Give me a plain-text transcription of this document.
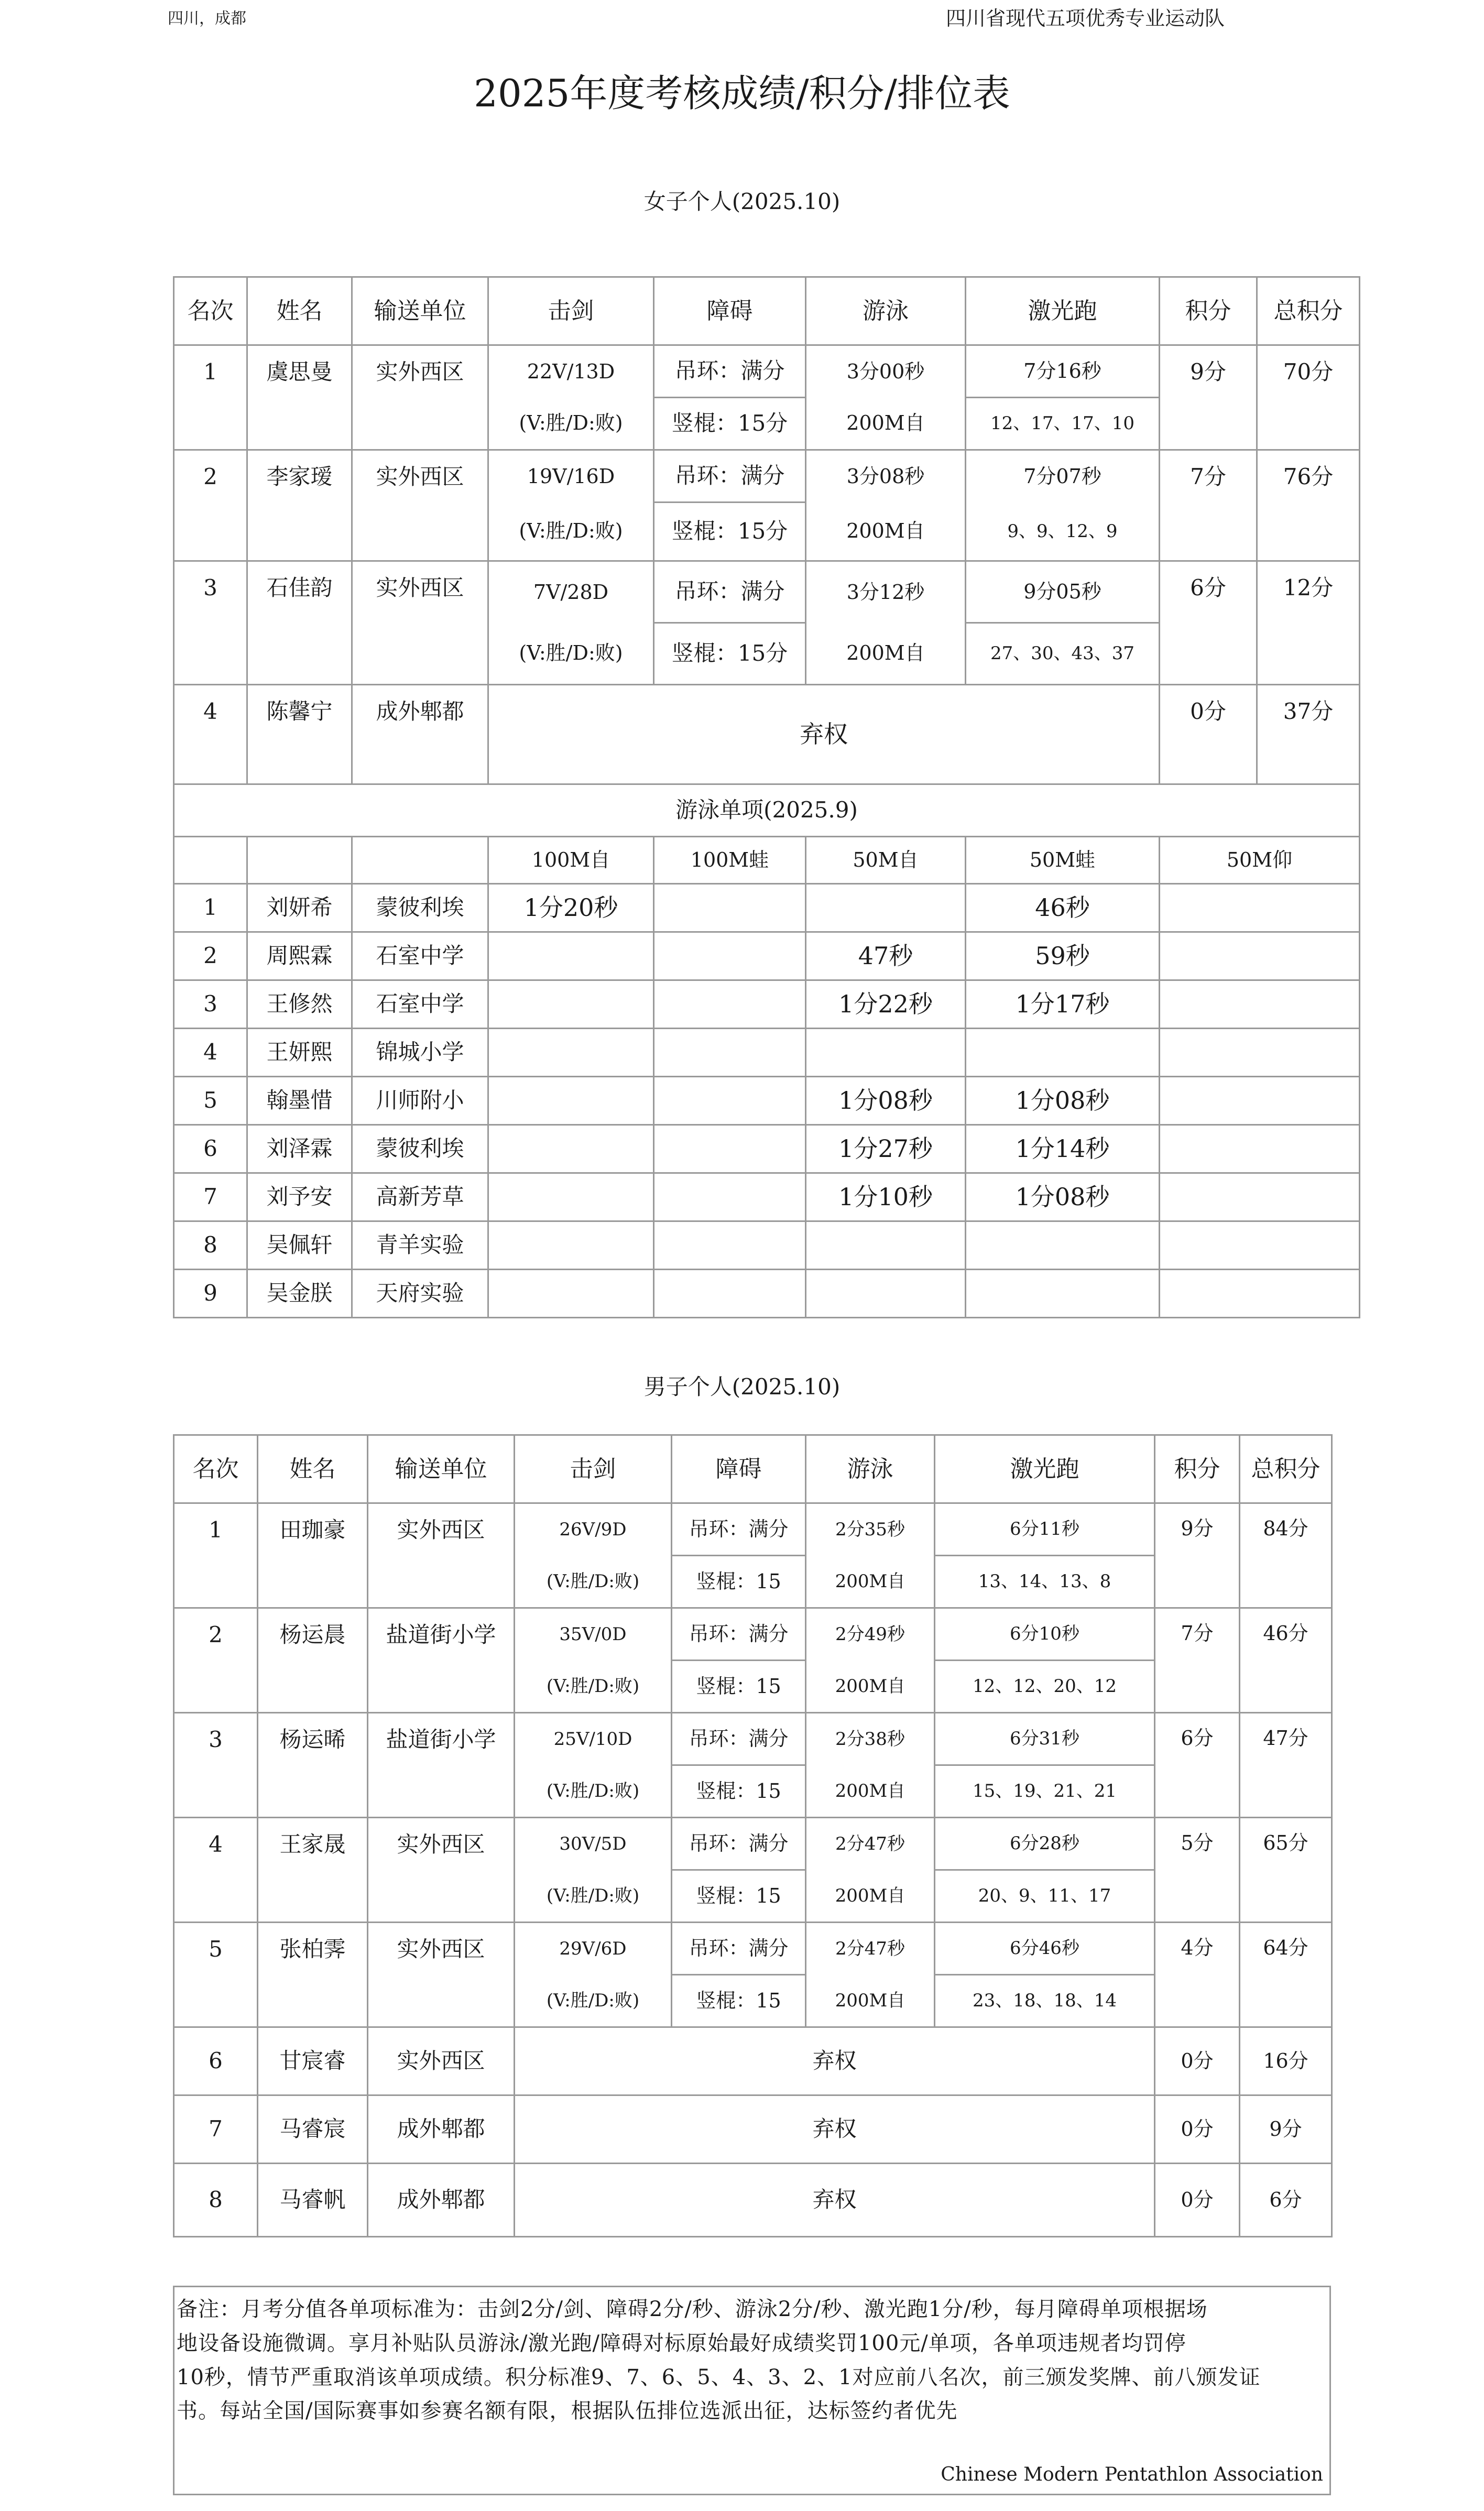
四川，成都	四川省现代五项优秀专业运动队
2025年度考核成绩/积分/排位表
女子个人(2025.10)
名次	姓名	输送单位	击剑	障碍	游泳	激光跑	积分	总积分
1	虞思曼	实外西区	22V/13D	吊环：满分	3分00秒	7分16秒	9分	70分
			(V:胜/D:败)	竖棍：15分	200M自	12、17、17、10		
2	李家瑷	实外西区	19V/16D	吊环：满分	3分08秒	7分07秒	7分	76分
			(V:胜/D:败)	竖棍：15分	200M自	9、9、12、9		
3	石佳韵	实外西区	7V/28D	吊环：满分	3分12秒	9分05秒	6分	12分
			(V:胜/D:败)	竖棍：15分	200M自	27、30、43、37		
4	陈馨宁	成外郫都	弃权				0分	37分
游泳单项(2025.9)								
			100M自	100M蛙	50M自	50M蛙	50M仰	
1	刘妍希	蒙彼利埃	1分20秒			46秒		
2	周熙霖	石室中学			47秒	59秒		
3	王修然	石室中学			1分22秒	1分17秒		
4	王妍熙	锦城小学						
5	翰墨惜	川师附小			1分08秒	1分08秒		
6	刘泽霖	蒙彼利埃			1分27秒	1分14秒		
7	刘予安	高新芳草			1分10秒	1分08秒		
8	吴佩轩	青羊实验						
9	吴金朕	天府实验						
男子个人(2025.10)
名次	姓名	输送单位	击剑	障碍	游泳	激光跑	积分	总积分
1	田珈豪	实外西区	26V/9D	吊环：满分	2分35秒	6分11秒	9分	84分
			(V:胜/D:败)	竖棍：15	200M自	13、14、13、8		
2	杨运晨	盐道街小学	35V/0D	吊环：满分	2分49秒	6分10秒	7分	46分
			(V:胜/D:败)	竖棍：15	200M自	12、12、20、12		
3	杨运晞	盐道街小学	25V/10D	吊环：满分	2分38秒	6分31秒	6分	47分
			(V:胜/D:败)	竖棍：15	200M自	15、19、21、21		
4	王家晟	实外西区	30V/5D	吊环：满分	2分47秒	6分28秒	5分	65分
			(V:胜/D:败)	竖棍：15	200M自	20、9、11、17		
5	张柏霁	实外西区	29V/6D	吊环：满分	2分47秒	6分46秒	4分	64分
			(V:胜/D:败)	竖棍：15	200M自	23、18、18、14		
6	甘宸睿	实外西区	弃权				0分	16分
7	马睿宸	成外郫都	弃权				0分	9分
8	马睿帆	成外郫都	弃权				0分	6分

备注：月考分值各单项标准为：击剑2分/剑、障碍2分/秒、游泳2分/秒、激光跑1分/秒，每月障碍单项根据场

地设备设施微调。享月补贴队员游泳/激光跑/障碍对标原始最好成绩奖罚100元/单项，各单项违规者均罚停

10秒，情节严重取消该单项成绩。积分标准9、7、6、5、4、3、2、1对应前八名次，前三颁发奖牌、前八颁发证

书。每站全国/国际赛事如参赛名额有限，根据队伍排位选派出征，达标签约者优先

Chinese Modern Pentathlon Association
